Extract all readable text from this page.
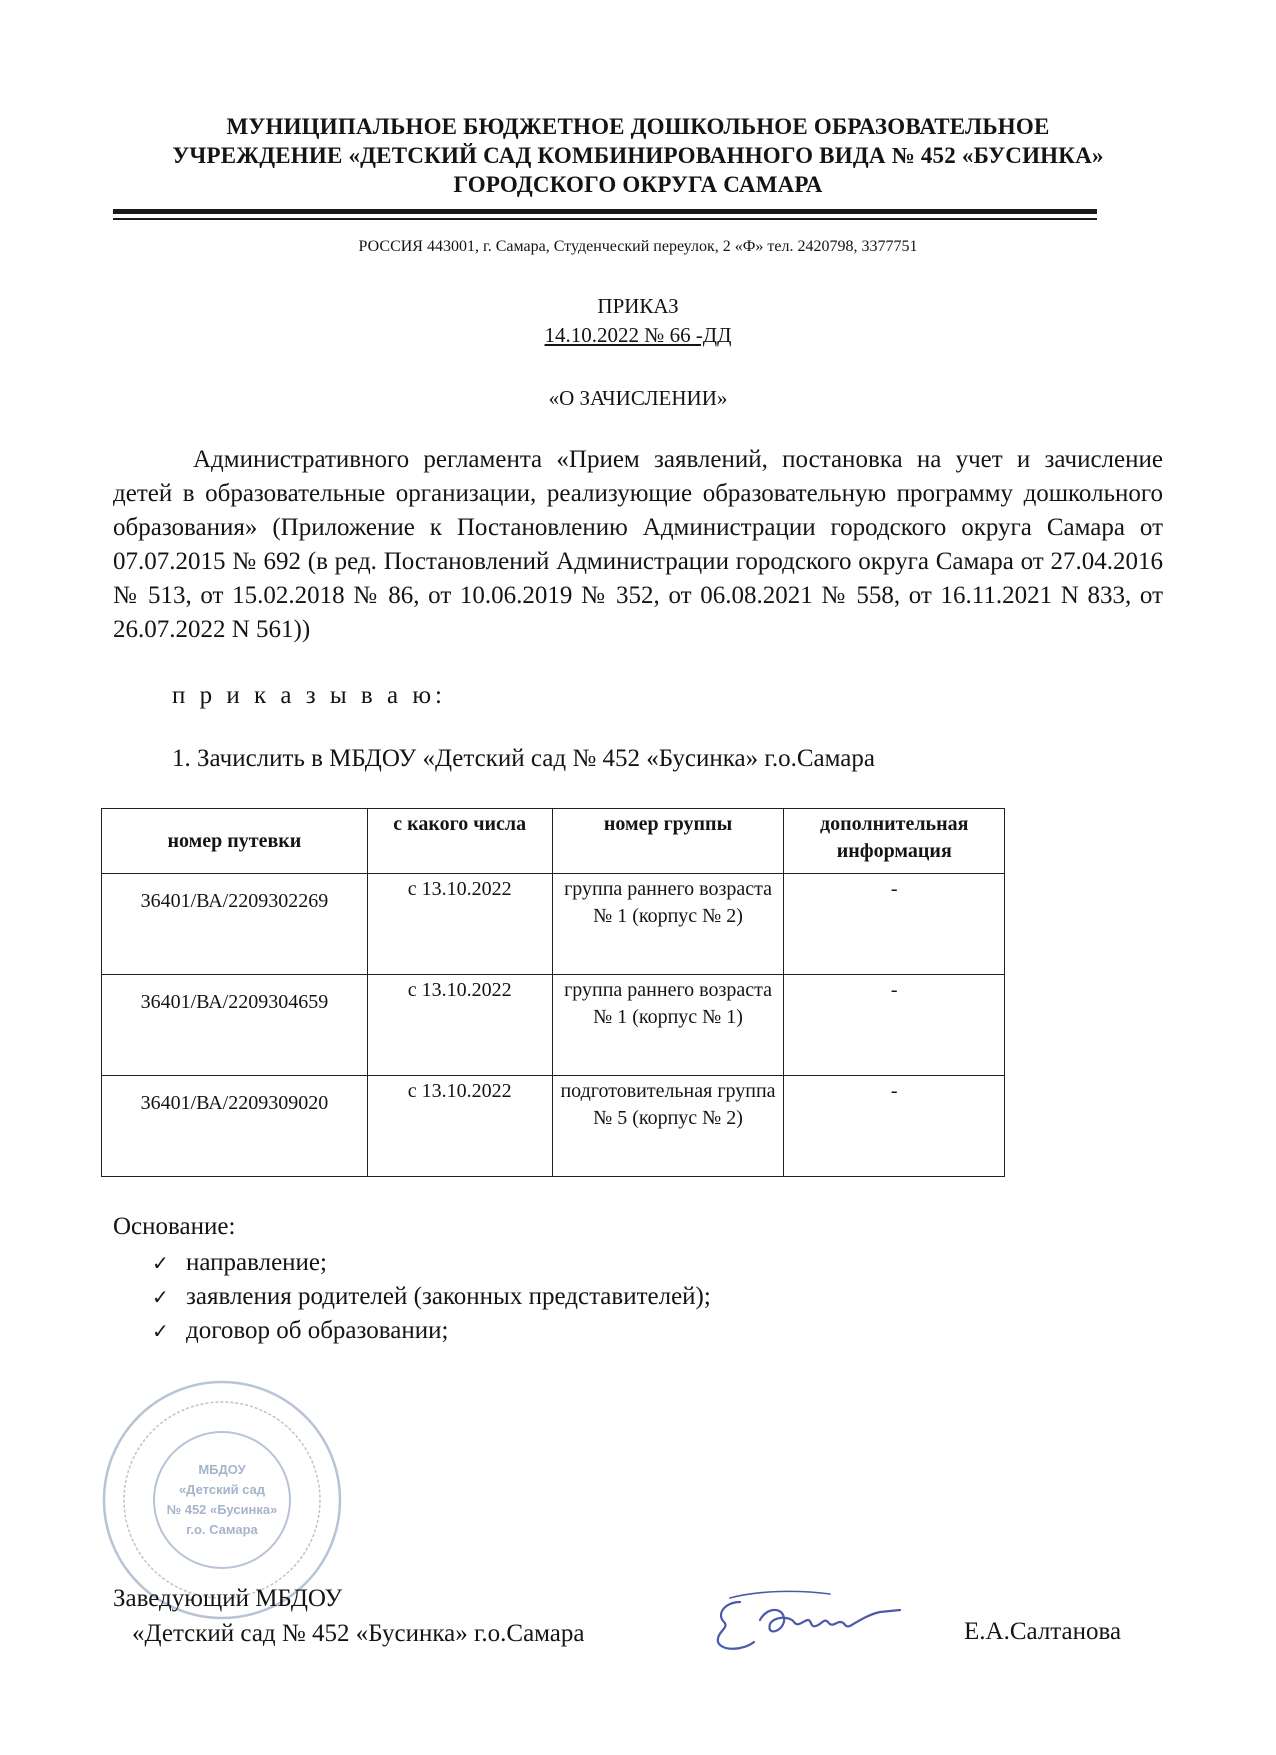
МУНИЦИПАЛЬНОЕ БЮДЖЕТНОЕ ДОШКОЛЬНОЕ ОБРАЗОВАТЕЛЬНОЕ
УЧРЕЖДЕНИЕ «ДЕТСКИЙ САД КОМБИНИРОВАННОГО ВИДА № 452 «БУСИНКА»
ГОРОДСКОГО ОКРУГА САМАРА
РОССИЯ 443001, г. Самара, Студенческий переулок, 2 «Ф» тел. 2420798, 3377751
ПРИКАЗ
14.10.2022 № 66 -ДД
«О ЗАЧИСЛЕНИИ»
Административного регламента «Прием заявлений, постановка на учет и зачисление детей в образовательные организации, реализующие образовательную программу дошкольного образования» (Приложение к Постановлению Администрации городского округа Самара от 07.07.2015 № 692 (в ред. Постановлений Администрации городского округа Самара от 27.04.2016 № 513, от 15.02.2018 № 86, от 10.06.2019 № 352, от 06.08.2021 № 558, от 16.11.2021 N 833, от 26.07.2022 N 561))
п р и к а з ы в а ю:
1. Зачислить в МБДОУ «Детский сад № 452 «Бусинка» г.о.Самара
номер путевки	с какого числа	номер группы	дополнительная информация
36401/ВА/2209302269	с 13.10.2022	группа раннего возраста № 1 (корпус № 2)	-
36401/ВА/2209304659	с 13.10.2022	группа раннего возраста № 1 (корпус № 1)	-
36401/ВА/2209309020	с 13.10.2022	подготовительная группа № 5 (корпус № 2)	-
Основание:
✓ направление;
✓ заявления родителей (законных представителей);
✓ договор об образовании;
МБДОУ
«Детский сад
№ 452 «Бусинка»
г.о. Самара
Заведующий МБДОУ
«Детский сад № 452 «Бусинка» г.о.Самара	Е.А.Салтанова
